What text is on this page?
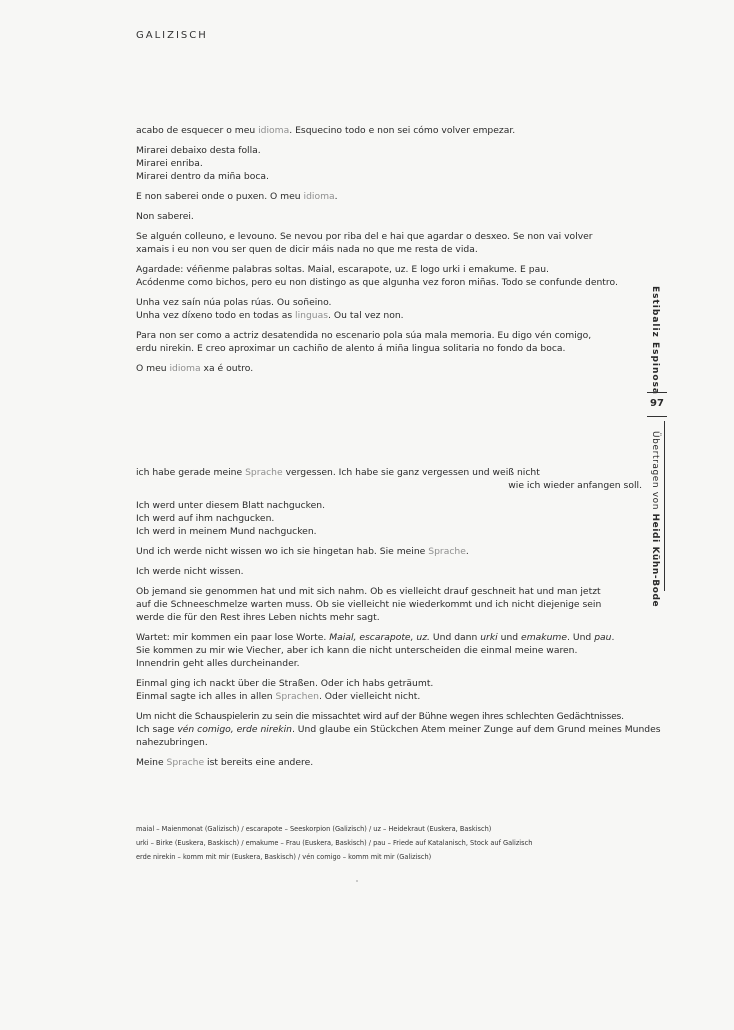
GALIZISCH

acabo de esquecer o meu idioma. Esquecino todo e non sei cómo volver empezar.

Mirarei debaixo desta folla.
Mirarei enriba.
Mirarei dentro da miña boca.

E non saberei onde o puxen. O meu idioma.

Non saberei.

Se alguén colleuno, e levouno. Se nevou por riba del e hai que agardar o desxeo. Se non vai volver
xamais i eu non vou ser quen de dicir máis nada no que me resta de vida.

Agardade: véñenme palabras soltas. Maial, escarapote, uz. E logo urki i emakume. E pau.
Acódenme como bichos, pero eu non distingo as que algunha vez foron miñas. Todo se confunde dentro.

Unha vez saín núa polas rúas. Ou soñeino.
Unha vez díxeno todo en todas as linguas. Ou tal vez non.

Para non ser como a actriz desatendida no escenario pola súa mala memoria. Eu digo vén comigo,
erdu nirekin. E creo aproximar un cachiño de alento á miña lingua solitaria no fondo da boca.

O meu idioma xa é outro.

ich habe gerade meine Sprache vergessen. Ich habe sie ganz vergessen und weiß nicht
wie ich wieder anfangen soll.

Ich werd unter diesem Blatt nachgucken.
Ich werd auf ihm nachgucken.
Ich werd in meinem Mund nachgucken.

Und ich werde nicht wissen wo ich sie hingetan hab. Sie meine Sprache.

Ich werde nicht wissen.

Ob jemand sie genommen hat und mit sich nahm. Ob es vielleicht drauf geschneit hat und man jetzt
auf die Schneeschmelze warten muss. Ob sie vielleicht nie wiederkommt und ich nicht diejenige sein
werde die für den Rest ihres Leben nichts mehr sagt.

Wartet: mir kommen ein paar lose Worte. Maial, escarapote, uz. Und dann urki und emakume. Und pau.
Sie kommen zu mir wie Viecher, aber ich kann die nicht unterscheiden die einmal meine waren.
Innendrin geht alles durcheinander.

Einmal ging ich nackt über die Straßen. Oder ich habs geträumt.
Einmal sagte ich alles in allen Sprachen. Oder vielleicht nicht.

Um nicht die Schauspielerin zu sein die missachtet wird auf der Bühne wegen ihres schlechten Gedächtnisses.
Ich sage vén comigo, erde nirekin. Und glaube ein Stückchen Atem meiner Zunge auf dem Grund meines Mundes
nahezubringen.

Meine Sprache ist bereits eine andere.

Estibaliz Espinosa
97
Übertragen von Heidi Kühn-Bode
maial – Maienmonat (Galizisch) / escarapote – Seeskorpion (Galizisch) / uz – Heidekraut (Euskera, Baskisch)
urki – Birke (Euskera, Baskisch) / emakume – Frau (Euskera, Baskisch) / pau – Friede auf Katalanisch, Stock auf Galizisch
erde nirekin – komm mit mir (Euskera, Baskisch) / vén comigo – komm mit mir (Galizisch)
